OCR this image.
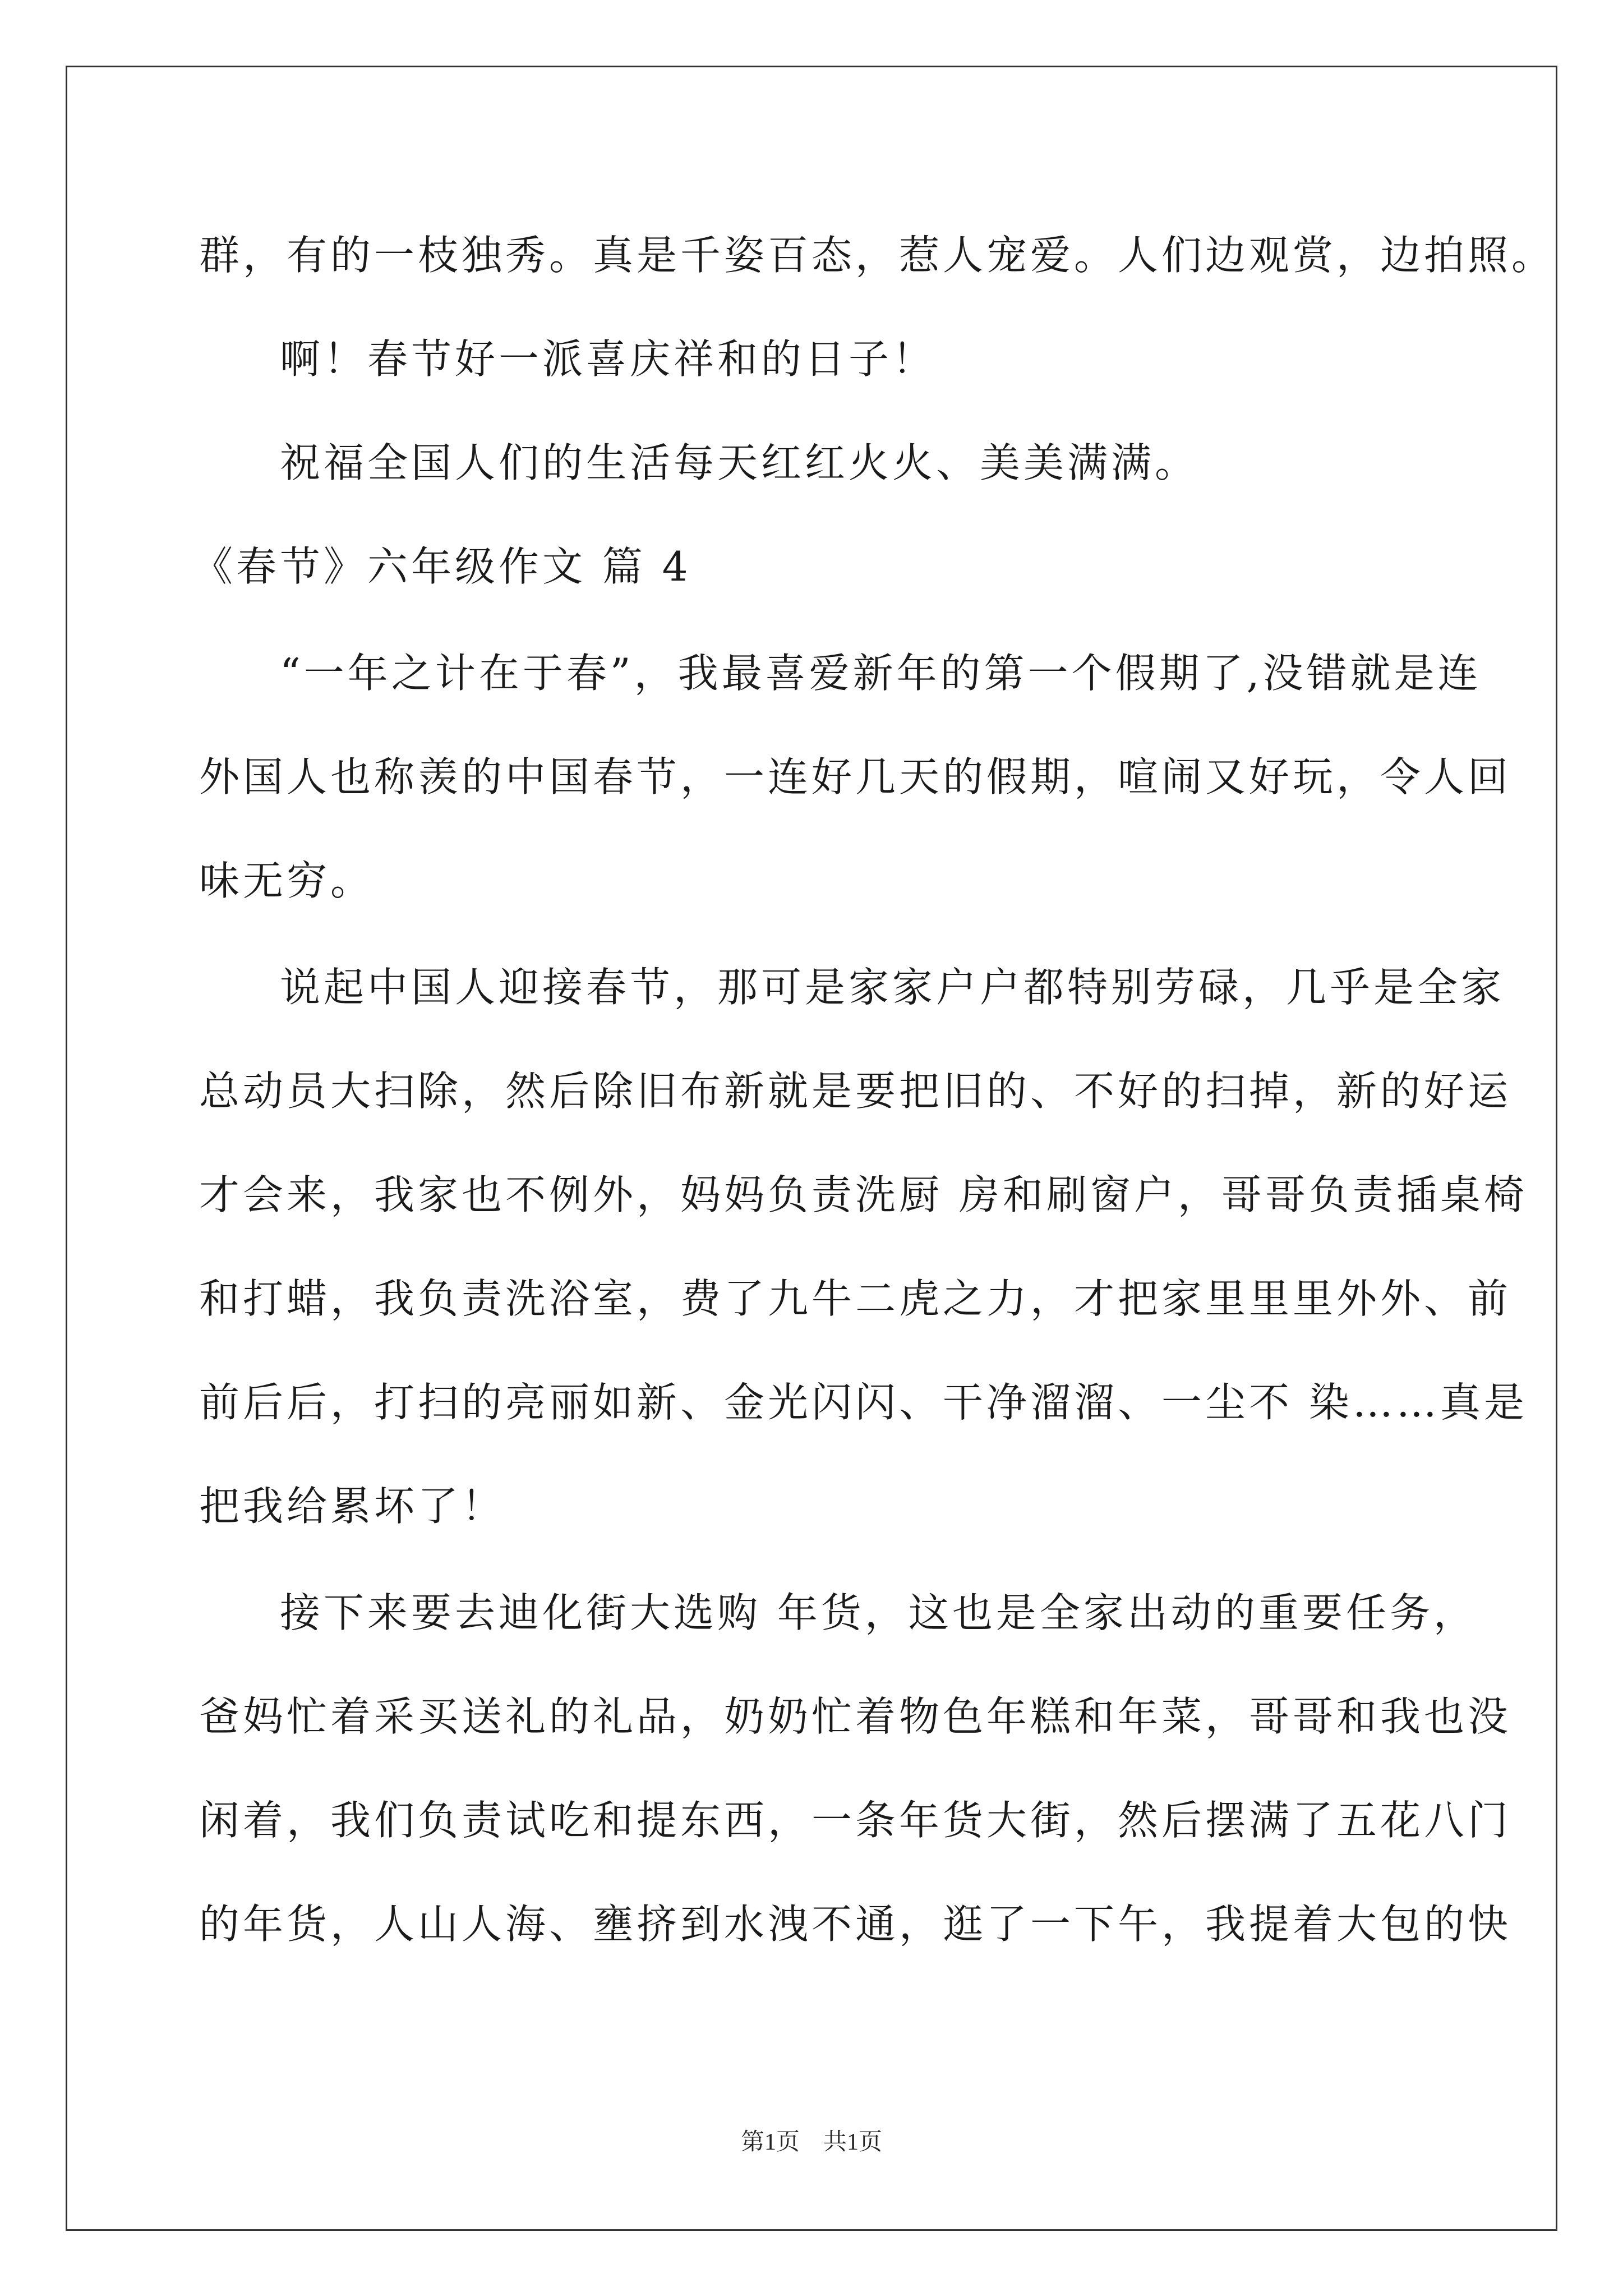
群，有的一枝独秀。真是千姿百态，惹人宠爱。人们边观赏，边拍照。
啊！春节好一派喜庆祥和的日子！
祝福全国人们的生活每天红红火火、美美满满。
《春节》六年级作文 篇 4
“一年之计在于春”，我最喜爱新年的第一个假期了,没错就是连
外国人也称羡的中国春节，一连好几天的假期，喧闹又好玩，令人回
味无穷。
说起中国人迎接春节，那可是家家户户都特别劳碌，几乎是全家
总动员大扫除，然后除旧布新就是要把旧的、不好的扫掉，新的好运
才会来，我家也不例外，妈妈负责洗厨 房和刷窗户，哥哥负责插桌椅
和打蜡，我负责洗浴室，费了九牛二虎之力，才把家里里里外外、前
前后后，打扫的亮丽如新、金光闪闪、干净溜溜、一尘不 染……真是
把我给累坏了！
接下来要去迪化街大选购 年货，这也是全家出动的重要任务，
爸妈忙着采买送礼的礼品，奶奶忙着物色年糕和年菜，哥哥和我也没
闲着，我们负责试吃和提东西，一条年货大街，然后摆满了五花八门
的年货，人山人海、壅挤到水洩不通，逛了一下午，我提着大包的快
第1页　共1页
